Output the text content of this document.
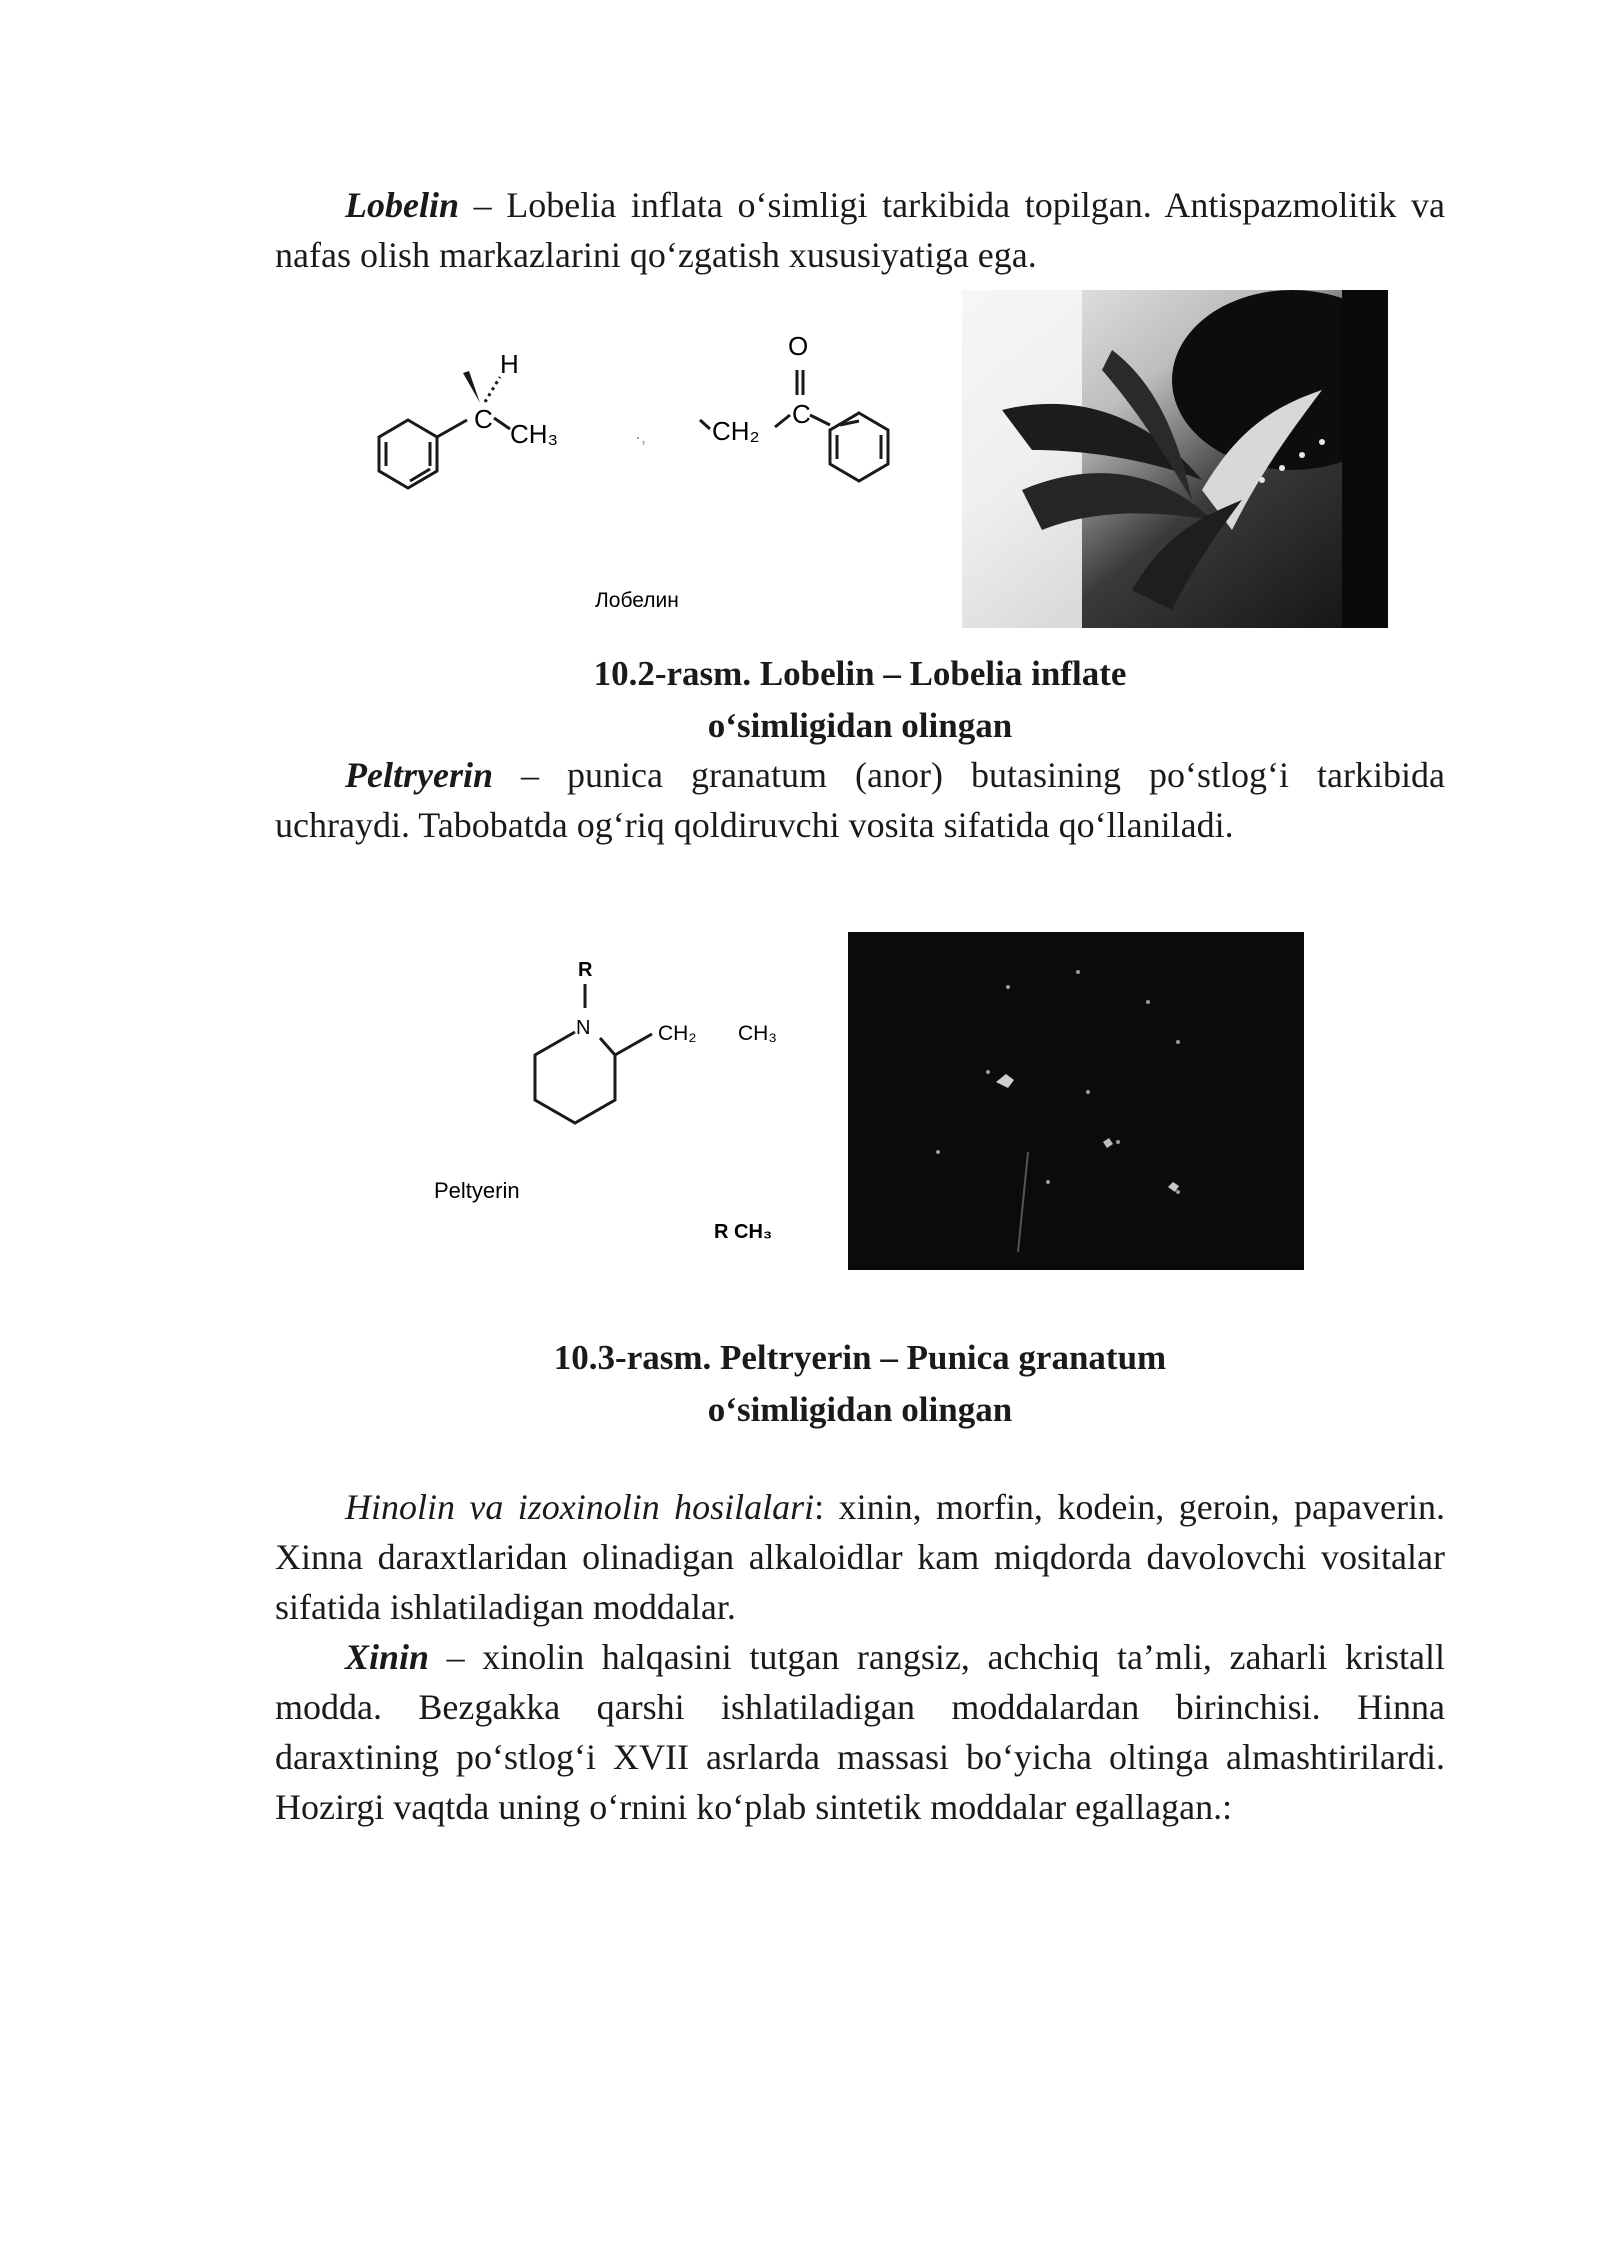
Lobelin – Lobelia inflata o‘simligi tarkibida topilgan. Antispazmolitik va nafas olish markazlarini qo‘zgatish xususiyatiga ega.

C
H
CH₃	·,	CH₂
C
O
Лобелин

10.2-rasm. Lobelin – Lobelia inflate
o‘simligidan olingan

Peltryerin – punica granatum (anor) butasining po‘stlog‘i tarkibida uchraydi. Tabobatda og‘riq qoldiruvchi vosita sifatida qo‘llaniladi.

R
N	CH₂ CH₃
Peltyerin
R CH₃

10.3-rasm. Peltryerin – Punica granatum
o‘simligidan olingan

Hinolin va izoxinolin hosilalari: xinin, morfin, kodein, geroin, papaverin. Xinna daraxtlaridan olinadigan alkaloidlar kam miqdorda davolovchi vositalar sifatida ishlatiladigan moddalar.

Xinin – xinolin halqasini tutgan rangsiz, achchiq ta’mli, zaharli kristall modda. Bezgakka qarshi ishlatiladigan moddalardan birinchisi. Hinna daraxtining po‘stlog‘i XVII asrlarda massasi bo‘yicha oltinga almashtirilardi. Hozirgi vaqtda uning o‘rnini ko‘plab sintetik moddalar egallagan.:
